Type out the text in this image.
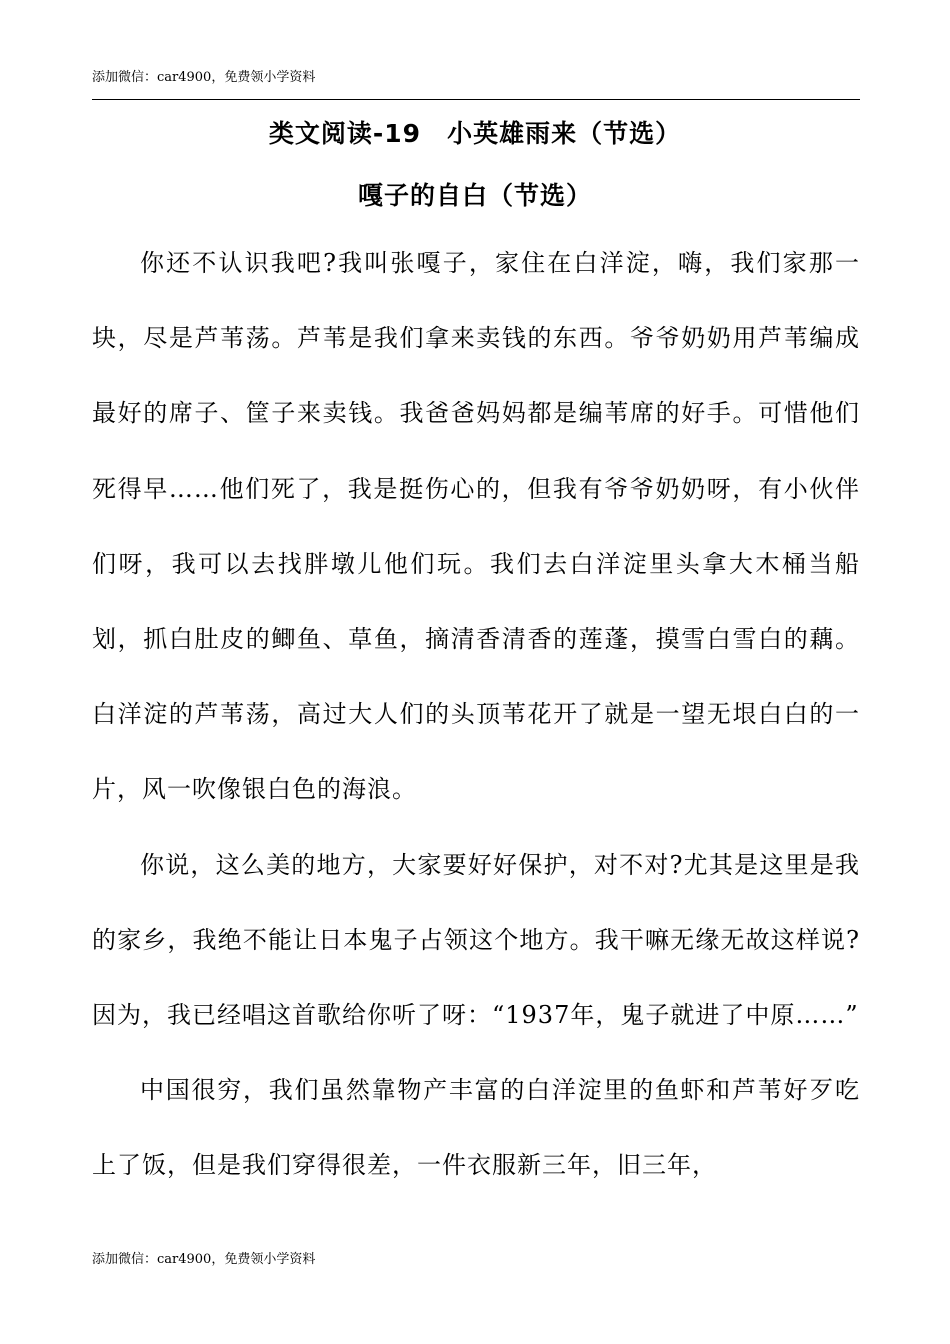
添加微信：car4900，免费领小学资料
类文阅读-19　小英雄雨来（节选）
嘎子的自白（节选）

你还不认识我吧?我叫张嘎子，家住在白洋淀，嗨，我们家那一块，尽是芦苇荡。芦苇是我们拿来卖钱的东西。爷爷奶奶用芦苇编成最好的席子、筐子来卖钱。我爸爸妈妈都是编苇席的好手。可惜他们死得早……他们死了，我是挺伤心的，但我有爷爷奶奶呀，有小伙伴们呀，我可以去找胖墩儿他们玩。我们去白洋淀里头拿大木桶当船划，抓白肚皮的鲫鱼、草鱼，摘清香清香的莲蓬，摸雪白雪白的藕。白洋淀的芦苇荡，高过大人们的头顶苇花开了就是一望无垠白白的一片，风一吹像银白色的海浪。

你说，这么美的地方，大家要好好保护，对不对?尤其是这里是我的家乡，我绝不能让日本鬼子占领这个地方。我干嘛无缘无故这样说?因为，我已经唱这首歌给你听了呀：“1937年，鬼子就进了中原……”

中国很穷，我们虽然靠物产丰富的白洋淀里的鱼虾和芦苇好歹吃上了饭，但是我们穿得很差，一件衣服新三年，旧三年，

添加微信：car4900，免费领小学资料
